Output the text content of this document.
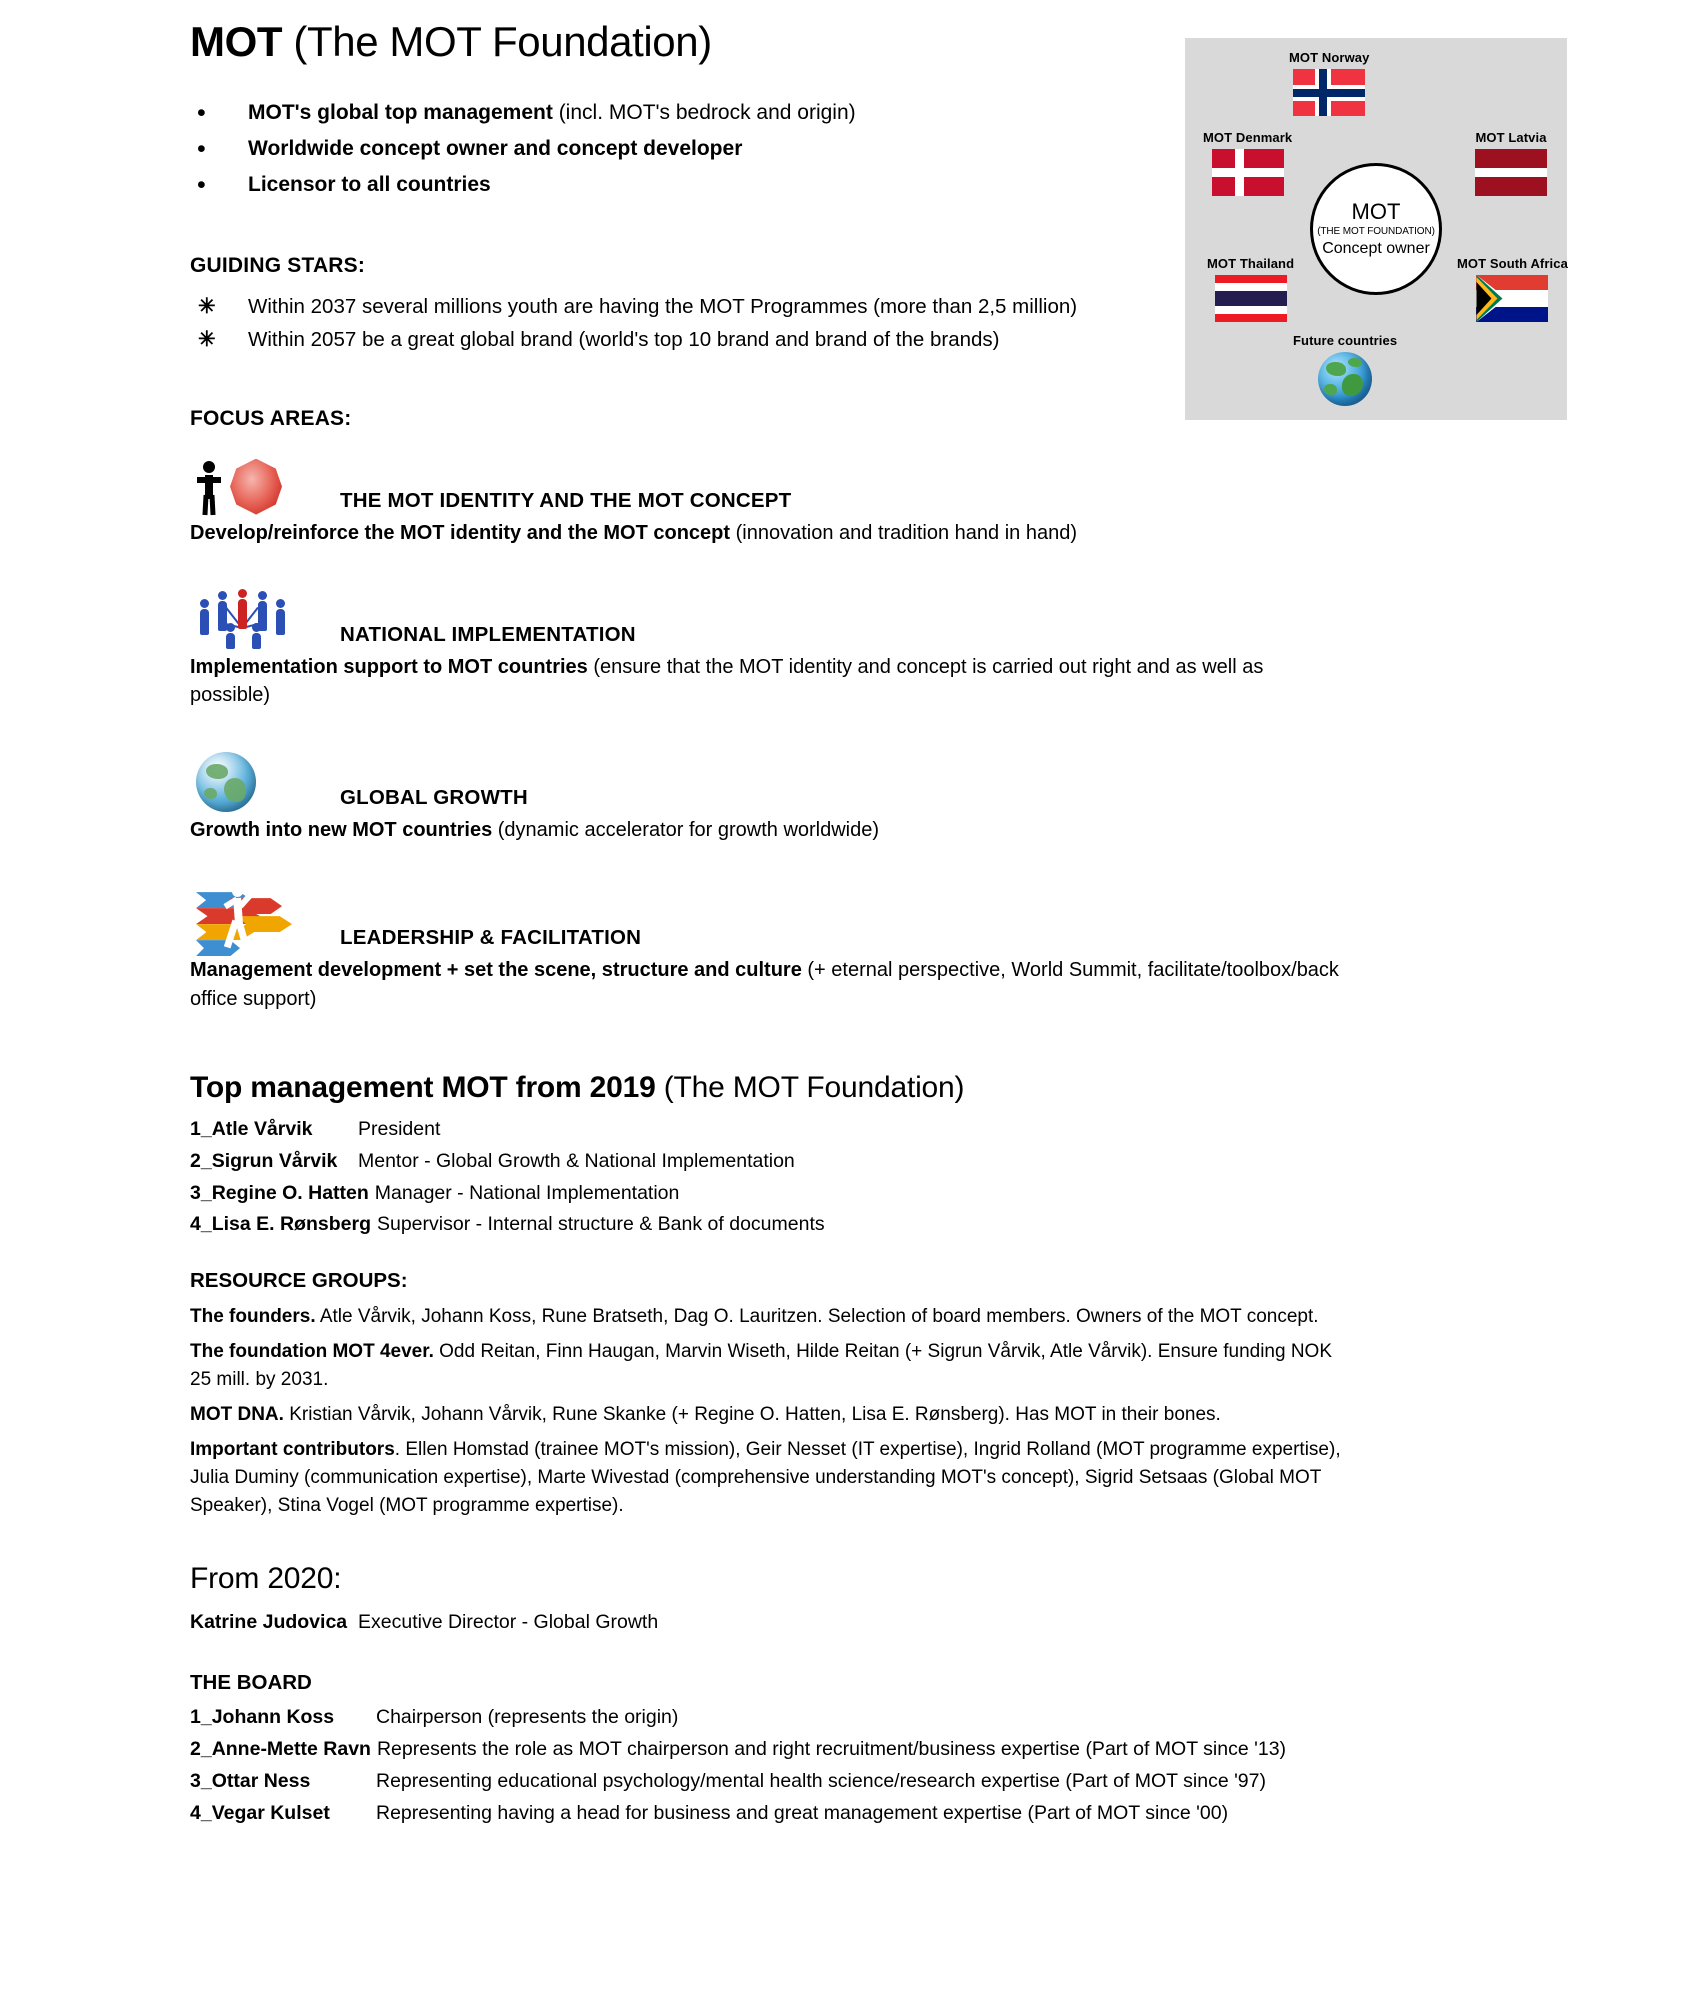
MOT Norway
MOT Denmark	MOT Latvia
MOT Thailand	MOT South Africa
Future countries
MOT
(THE MOT FOUNDATION)
Concept owner
MOT (The MOT Foundation)
• MOT's global top management (incl. MOT's bedrock and origin)
• Worldwide concept owner and concept developer
• Licensor to all countries
GUIDING STARS:
✳ Within 2037 several millions youth are having the MOT Programmes (more than 2,5 million)
✳ Within 2057 be a great global brand (world's top 10 brand and brand of the brands)
FOCUS AREAS:
THE MOT IDENTITY AND THE MOT CONCEPT
Develop/reinforce the MOT identity and the MOT concept (innovation and tradition hand in hand)
NATIONAL IMPLEMENTATION
Implementation support to MOT countries (ensure that the MOT identity and concept is carried out right and as well as possible)
GLOBAL GROWTH
Growth into new MOT countries (dynamic accelerator for growth worldwide)
LEADERSHIP & FACILITATION
Management development + set the scene, structure and culture (+ eternal perspective, World Summit, facilitate/toolbox/back office support)
Top management MOT from 2019 (The MOT Foundation)
1_Atle Vårvik	President
2_Sigrun Vårvik	Mentor - Global Growth & National Implementation
3_Regine O. Hatten Manager - National Implementation
4_Lisa E. Rønsberg Supervisor - Internal structure & Bank of documents
RESOURCE GROUPS:
The founders. Atle Vårvik, Johann Koss, Rune Bratseth, Dag O. Lauritzen. Selection of board members. Owners of the MOT concept.
The foundation MOT 4ever. Odd Reitan, Finn Haugan, Marvin Wiseth, Hilde Reitan (+ Sigrun Vårvik, Atle Vårvik). Ensure funding NOK 25 mill. by 2031.
MOT DNA. Kristian Vårvik, Johann Vårvik, Rune Skanke (+ Regine O. Hatten, Lisa E. Rønsberg). Has MOT in their bones.
Important contributors. Ellen Homstad (trainee MOT's mission), Geir Nesset (IT expertise), Ingrid Rolland (MOT programme expertise), Julia Duminy (communication expertise), Marte Wivestad (comprehensive understanding MOT's concept), Sigrid Setsaas (Global MOT Speaker), Stina Vogel (MOT programme expertise).
From 2020:
Katrine Judovica Executive Director - Global Growth
THE BOARD
1_Johann Koss	Chairperson (represents the origin)
2_Anne-Mette Ravn Represents the role as MOT chairperson and right recruitment/business expertise (Part of MOT since '13)
3_Ottar Ness	Representing educational psychology/mental health science/research expertise (Part of MOT since '97)
4_Vegar Kulset	Representing having a head for business and great management expertise (Part of MOT since '00)
